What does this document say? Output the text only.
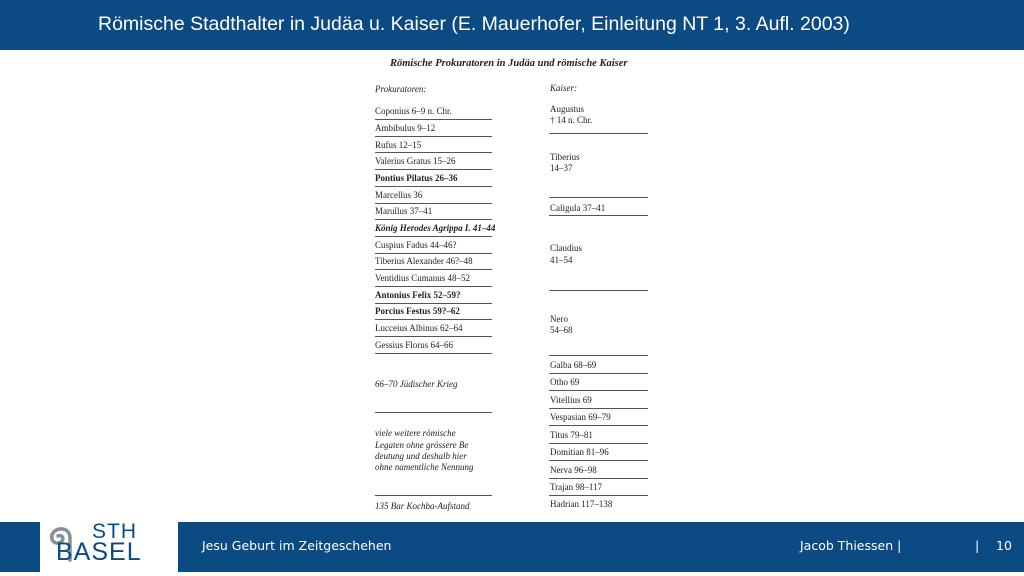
Römische Stadthalter in Judäa u. Kaiser (E. Mauerhofer, Einleitung NT 1, 3. Aufl. 2003)
Römische Prokuratoren in Judäa und römische Kaiser
Prokuratoren:	Kaiser:
Coponius 6–9 n. Chr.
Ambibulus 9–12
Rufus 12–15
Valerius Gratus 15–26
Pontius Pilatus 26–36
Marcellus 36
Marullus 37–41
König Herodes Agrippa I. 41–44
Cuspius Fadus 44–46?
Tiberius Alexander 46?–48
Ventidius Cumanus 48–52
Antonius Felix 52–59?
Porcius Festus 59?–62
Lucceius Albinus 62–64
Gessius Florus 64–66
66–70 Jüdischer Krieg
viele weitere römische
Legaten ohne grössere Be
deutung und deshalb hier
ohne namentliche Nennung
135 Bar Kochba-Aufstand
Augustus
† 14 n. Chr.
Tiberius
14–37
Caligula 37–41
Claudius
41–54
Nero
54–68
Galba 68–69
Otho 69
Vitellius 69
Vespasian 69–79
Titus 79–81
Domitian 81–96
Nerva 96–98
Trajan 98–117
Hadrian 117–138
STH
BASEL	Jesu Geburt im Zeitgeschehen	Jacob Thiessen |	| 10
